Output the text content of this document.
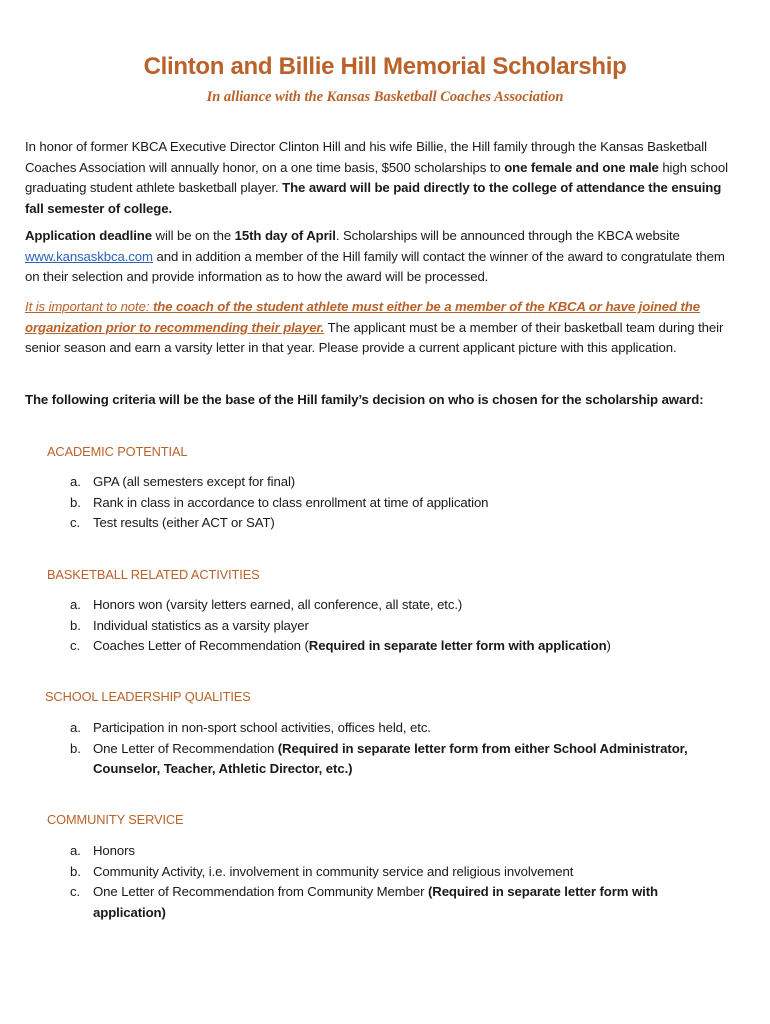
Clinton and Billie Hill Memorial Scholarship
In alliance with the Kansas Basketball Coaches Association
In honor of former KBCA Executive Director Clinton Hill and his wife Billie, the Hill family through the Kansas Basketball Coaches Association will annually honor, on a one time basis, $500 scholarships to one female and one male high school graduating student athlete basketball player. The award will be paid directly to the college of attendance the ensuing fall semester of college.
Application deadline will be on the 15th day of April. Scholarships will be announced through the KBCA website www.kansaskbca.com and in addition a member of the Hill family will contact the winner of the award to congratulate them on their selection and provide information as to how the award will be processed.
It is important to note: the coach of the student athlete must either be a member of the KBCA or have joined the organization prior to recommending their player. The applicant must be a member of their basketball team during their senior season and earn a varsity letter in that year. Please provide a current applicant picture with this application.
The following criteria will be the base of the Hill family’s decision on who is chosen for the scholarship award:
ACADEMIC POTENTIAL
a. GPA (all semesters except for final)
b. Rank in class in accordance to class enrollment at time of application
c. Test results (either ACT or SAT)
BASKETBALL RELATED ACTIVITIES
a. Honors won (varsity letters earned, all conference, all state, etc.)
b. Individual statistics as a varsity player
c. Coaches Letter of Recommendation (Required in separate letter form with application)
SCHOOL LEADERSHIP QUALITIES
a. Participation in non-sport school activities, offices held, etc.
b. One Letter of Recommendation (Required in separate letter form from either School Administrator, Counselor, Teacher, Athletic Director, etc.)
COMMUNITY SERVICE
a. Honors
b. Community Activity, i.e. involvement in community service and religious involvement
c. One Letter of Recommendation from Community Member (Required in separate letter form with application)
